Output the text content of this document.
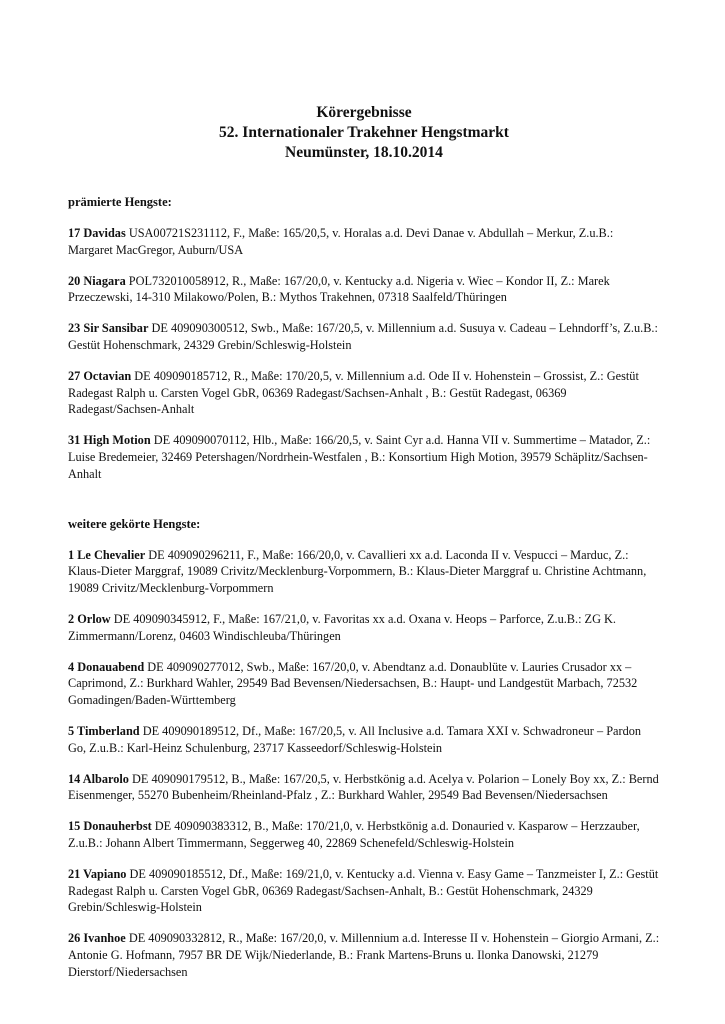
Körergebnisse

52. Internationaler Trakehner Hengstmarkt

Neumünster, 18.10.2014

prämierte Hengste:

17 Davidas USA00721S231112, F., Maße: 165/20,5, v. Horalas a.d. Devi Danae v. Abdullah – Merkur, Z.u.B.: Margaret MacGregor, Auburn/USA

20 Niagara POL732010058912, R., Maße: 167/20,0, v. Kentucky a.d. Nigeria v. Wiec – Kondor II, Z.: Marek Przeczewski, 14-310 Milakowo/Polen, B.: Mythos Trakehnen, 07318 Saalfeld/Thüringen

23 Sir Sansibar DE 409090300512, Swb., Maße: 167/20,5, v. Millennium a.d. Susuya v. Cadeau – Lehndorff’s, Z.u.B.: Gestüt Hohenschmark, 24329 Grebin/Schleswig-Holstein

27 Octavian DE 409090185712, R., Maße: 170/20,5, v. Millennium a.d. Ode II v. Hohenstein – Grossist, Z.: Gestüt Radegast Ralph u. Carsten Vogel GbR, 06369 Radegast/Sachsen-Anhalt , B.: Gestüt Radegast, 06369 Radegast/Sachsen-Anhalt

31 High Motion DE 409090070112, Hlb., Maße: 166/20,5, v. Saint Cyr a.d. Hanna VII v. Summertime – Matador, Z.: Luise Bredemeier, 32469 Petershagen/Nordrhein-Westfalen , B.: Konsortium High Motion, 39579 Schäplitz/Sachsen-Anhalt

weitere gekörte Hengste:

1 Le Chevalier DE 409090296211, F., Maße: 166/20,0, v. Cavallieri xx a.d. Laconda II v. Vespucci – Marduc, Z.: Klaus-Dieter Marggraf, 19089 Crivitz/Mecklenburg-Vorpommern, B.: Klaus-Dieter Marggraf u. Christine Achtmann, 19089 Crivitz/Mecklenburg-Vorpommern

2 Orlow DE 409090345912, F., Maße: 167/21,0, v. Favoritas xx a.d. Oxana v. Heops – Parforce, Z.u.B.: ZG K. Zimmermann/Lorenz, 04603 Windischleuba/Thüringen

4 Donauabend DE 409090277012, Swb., Maße: 167/20,0, v. Abendtanz a.d. Donaublüte v. Lauries Crusador xx – Caprimond, Z.: Burkhard Wahler, 29549 Bad Bevensen/Niedersachsen, B.: Haupt- und Landgestüt Marbach, 72532 Gomadingen/Baden-Württemberg

5 Timberland DE 409090189512, Df., Maße: 167/20,5, v. All Inclusive a.d. Tamara XXI v. Schwadroneur – Pardon Go, Z.u.B.: Karl-Heinz Schulenburg, 23717 Kasseedorf/Schleswig-Holstein

14 Albarolo DE 409090179512, B., Maße: 167/20,5, v. Herbstkönig a.d. Acelya v. Polarion – Lonely Boy xx, Z.: Bernd Eisenmenger, 55270 Bubenheim/Rheinland-Pfalz , Z.: Burkhard Wahler, 29549 Bad Bevensen/Niedersachsen

15 Donauherbst DE 409090383312, B., Maße: 170/21,0, v. Herbstkönig a.d. Donauried v. Kasparow – Herzzauber, Z.u.B.: Johann Albert Timmermann, Seggerweg 40, 22869 Schenefeld/Schleswig-Holstein

21 Vapiano DE 409090185512, Df., Maße: 169/21,0, v. Kentucky a.d. Vienna v. Easy Game – Tanzmeister I, Z.: Gestüt Radegast Ralph u. Carsten Vogel GbR, 06369 Radegast/Sachsen-Anhalt, B.: Gestüt Hohenschmark, 24329 Grebin/Schleswig-Holstein

26 Ivanhoe DE 409090332812, R., Maße: 167/20,0, v. Millennium a.d. Interesse II v. Hohenstein – Giorgio Armani, Z.: Antonie G. Hofmann, 7957 BR DE Wijk/Niederlande, B.: Frank Martens-Bruns u. Ilonka Danowski, 21279 Dierstorf/Niedersachsen
